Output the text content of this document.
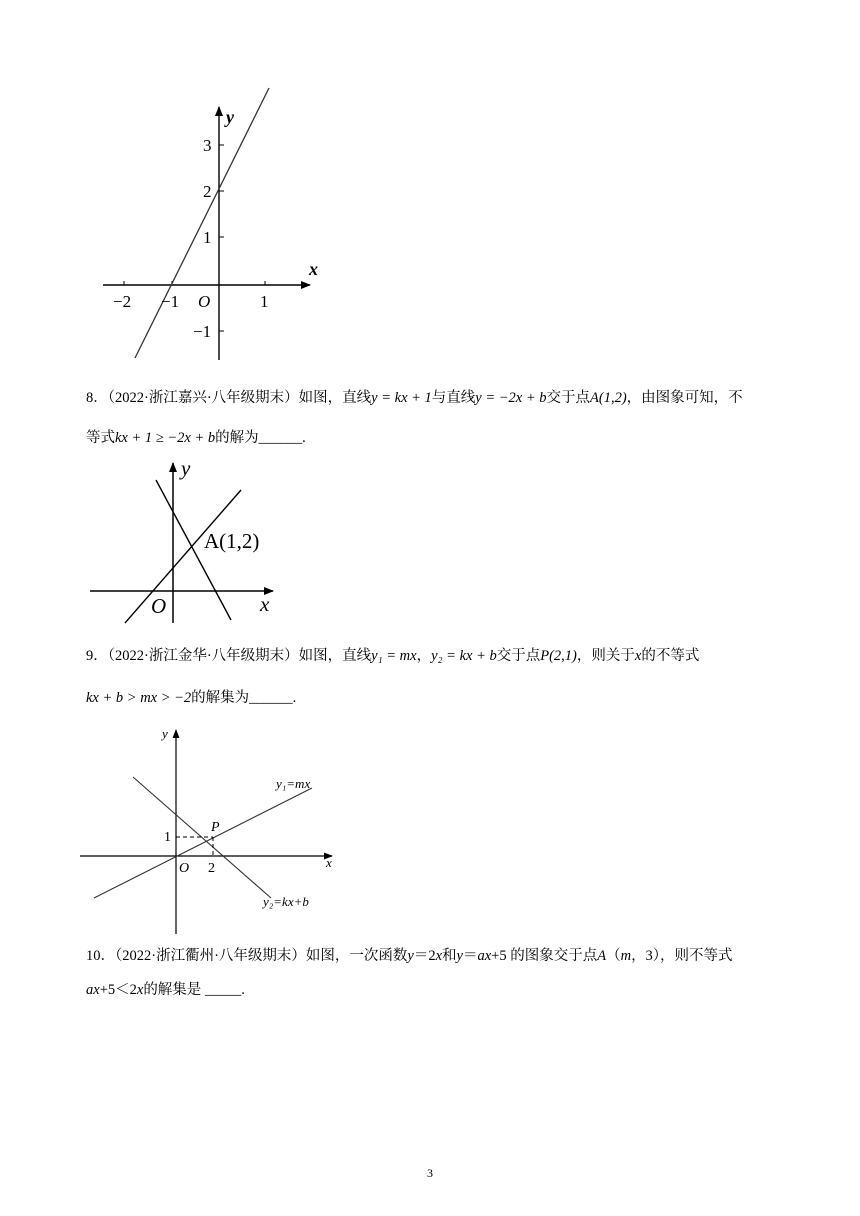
−2 −1	1
O
3
2
1
−1
x
y
8．（2022·浙江嘉兴·八年级期末）如图，直线y = kx + 1与直线y = −2x + b交于点A(1,2)，由图象可知，不
等式kx + 1 ≥ −2x + b的解为______.
O	x
y
A(1,2)
9．（2022·浙江金华·八年级期末）如图，直线y₁ = mx，y₂ = kx + b交于点P(2,1)，则关于x的不等式
kx + b > mx > −2的解集为______.
y
x
O 2
1
P
y₁=mx
y₂=kx+b
10．（2022·浙江衢州·八年级期末）如图，一次函数y＝2x和y＝ax+5 的图象交于点A（m，3），则不等式
ax+5＜2x的解集是 _____.
3
